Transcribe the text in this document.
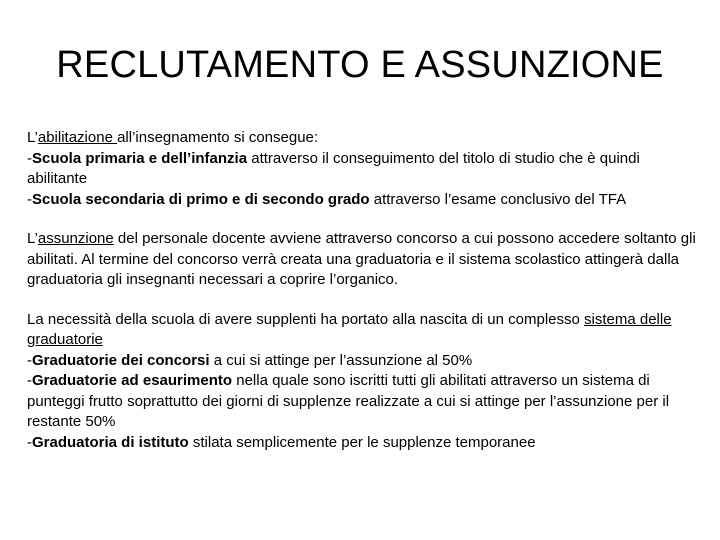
RECLUTAMENTO E ASSUNZIONE
L’abilitazione all’insegnamento si consegue:
-Scuola primaria e dell’infanzia attraverso il conseguimento del titolo di studio che è quindi abilitante
-Scuola secondaria di primo e di secondo grado attraverso l’esame conclusivo del TFA
L’assunzione del personale docente avviene attraverso concorso a cui possono accedere soltanto gli abilitati. Al termine del concorso verrà creata una graduatoria e il sistema scolastico attingerà dalla graduatoria gli insegnanti necessari a coprire l’organico.
La necessità della scuola di avere supplenti ha portato alla nascita di un complesso sistema delle graduatorie
-Graduatorie dei concorsi a cui si attinge per l’assunzione al 50%
-Graduatorie ad esaurimento nella quale sono iscritti tutti gli abilitati attraverso un sistema di punteggi frutto soprattutto dei giorni di supplenze realizzate a cui si attinge per l’assunzione per il restante 50%
-Graduatoria di istituto stilata semplicemente per le supplenze temporanee
